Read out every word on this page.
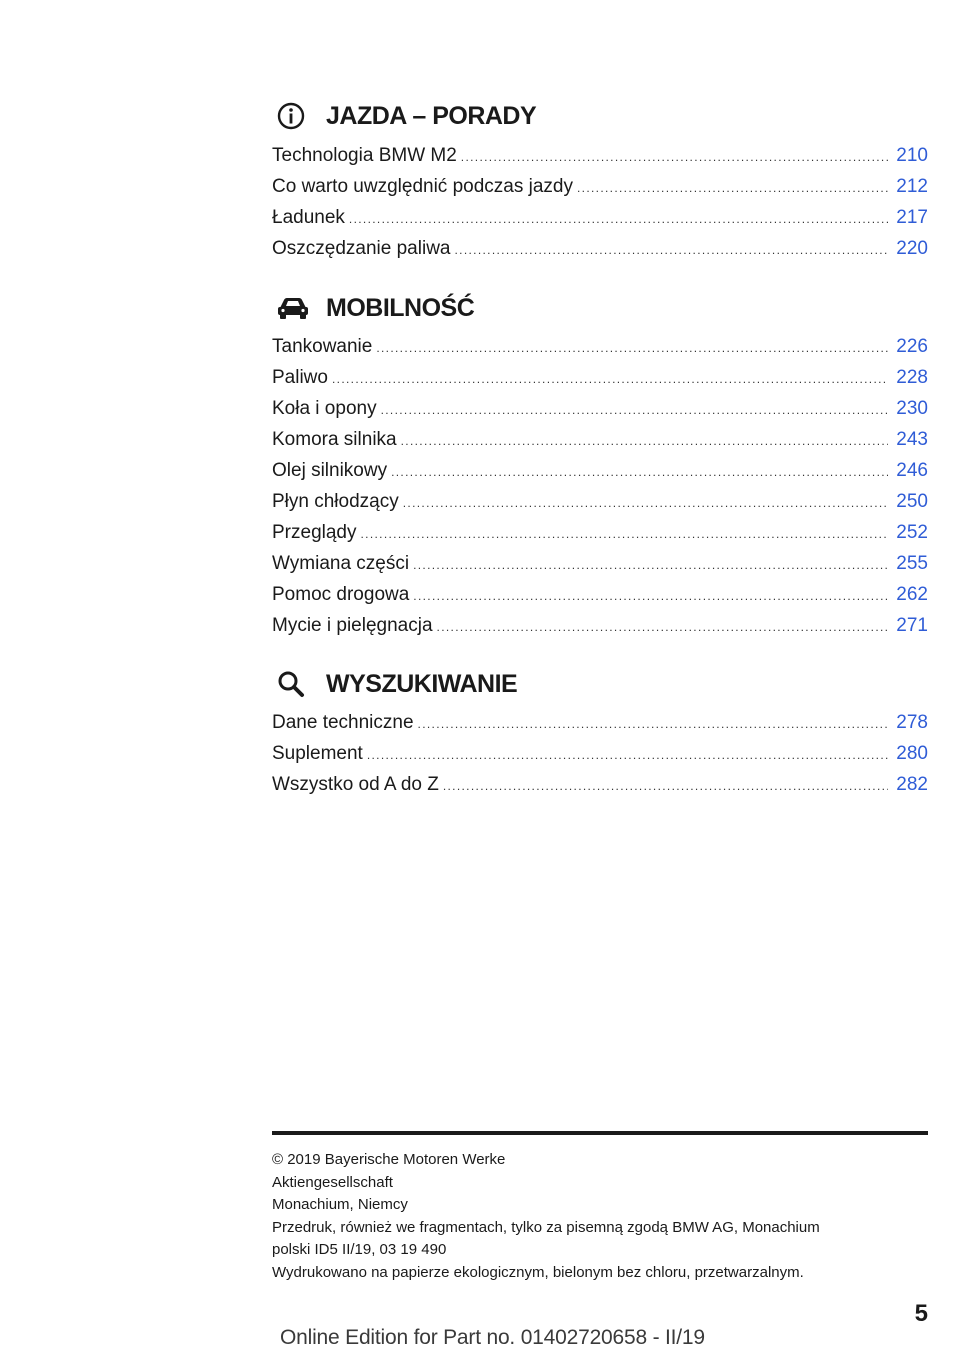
JAZDA – PORADY
Technologia BMW M2 . . .	210
Co warto uwzględnić podczas jazdy . . .	212
Ładunek . . .	217
Oszczędzanie paliwa . . .	220
MOBILNOŚĆ
Tankowanie . . .	226
Paliwo . . .	228
Koła i opony . . .	230
Komora silnika . . .	243
Olej silnikowy . . .	246
Płyn chłodzący . . .	250
Przeglądy . . .	252
Wymiana części . . .	255
Pomoc drogowa . . .	262
Mycie i pielęgnacja . . .	271
WYSZUKIWANIE
Dane techniczne . . .	278
Suplement . . .	280
Wszystko od A do Z . . .	282
© 2019 Bayerische Motoren Werke
Aktiengesellschaft
Monachium, Niemcy
Przedruk, również we fragmentach, tylko za pisemną zgodą BMW AG, Monachium
polski ID5 II/19, 03 19 490
Wydrukowano na papierze ekologicznym, bielonym bez chloru, przetwarzalnym.
5
Online Edition for Part no. 01402720658 - II/19
